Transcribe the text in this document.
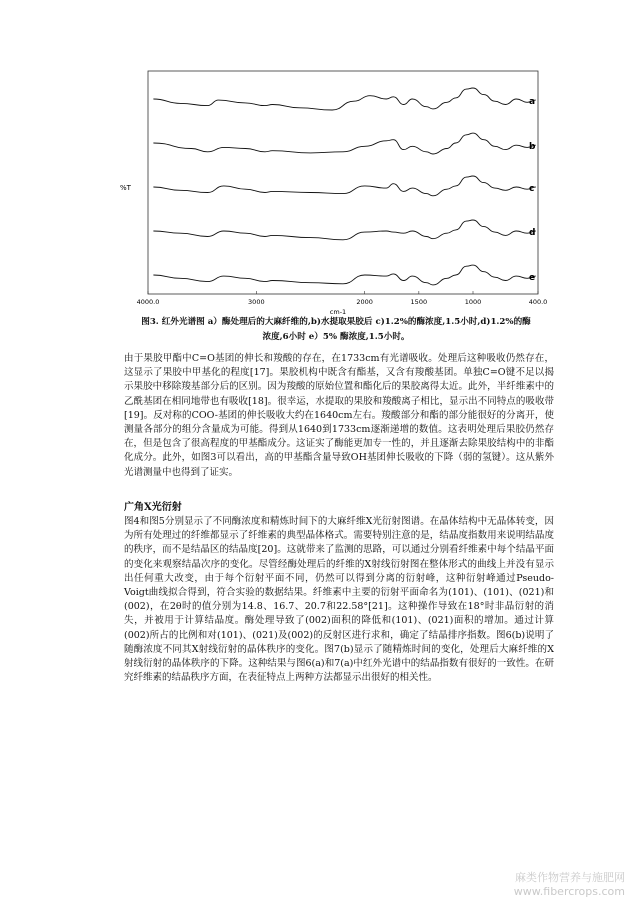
%T
4000.0	3000	2000	1500	1000	400.0
cm-1
a
b
c
d
e
图3. 红外光谱图 a）酶处理后的大麻纤维的,b)水提取果胶后 c)1.2%的酶浓度,1.5小时,d)1.2%的酶
浓度,6小时 e）5% 酶浓度,1.5小时。

由于果胶甲酯中C=O基团的伸长和羧酸的存在，在1733cm有光谱吸收。处理后这种吸收仍然存在，这显示了果胶中甲基化的程度[17]。果胶机构中既含有酯基，又含有羧酸基团。单独C=O键不足以揭示果胶中移除羧基部分后的区别。因为羧酸的原始位置和酯化后的果胶离得太近。此外，半纤维素中的乙酰基团在相同地带也有吸收[18]。很幸运，水提取的果胶和羧酸离子相比，显示出不同特点的吸收带[19]。反对称的COO-基团的伸长吸收大约在1640cm左右。羧酸部分和酯的部分能很好的分离开，使测量各部分的组分含量成为可能。得到从1640到1733cm逐渐递增的数值。这表明处理后果胶仍然存在，但是包含了很高程度的甲基酯成分。这证实了酶能更加专一性的，并且逐渐去除果胶结构中的非酯化成分。此外，如图3可以看出，高的甲基酯含量导致OH基团伸长吸收的下降（弱的氢键）。这从紫外光谱测量中也得到了证实。

广角X光衍射

图4和图5分别显示了不同酶浓度和精炼时间下的大麻纤维X光衍射图谱。在晶体结构中无晶体转变，因为所有处理过的纤维都显示了纤维素的典型晶体格式。需要特别注意的是，结晶度指数用来说明结晶度的秩序，而不是结晶区的结晶度[20]。这就带来了监测的思路，可以通过分别看纤维素中每个结晶平面的变化来观察结晶次序的变化。尽管经酶处理后的纤维的X射线衍射图在整体形式的曲线上并没有显示出任何重大改变，由于每个衍射平面不同，仍然可以得到分离的衍射峰，这种衍射峰通过Pseudo-Voigt曲线拟合得到，符合实验的数据结果。纤维素中主要的衍射平面命名为(101)、(101)、(021)和(002)，在2θ时的值分别为14.8、16.7、20.7和22.58°[21]。这种操作导致在18°时非晶衍射的消失，并被用于计算结晶度。酶处理导致了(002)面积的降低和(101)、(021)面积的增加。通过计算(002)所占的比例和对(101)、(021)及(002)的反射区进行求和，确定了结晶排序指数。图6(b)说明了随酶浓度不同其X射线衍射的晶体秩序的变化。图7(b)显示了随精炼时间的变化，处理后大麻纤维的X射线衍射的晶体秩序的下降。这种结果与图6(a)和7(a)中红外光谱中的结晶指数有很好的一致性。在研究纤维素的结晶秩序方面，在表征特点上两种方法都显示出很好的相关性。

麻类作物营养与施肥网
www.fibercrops.com
